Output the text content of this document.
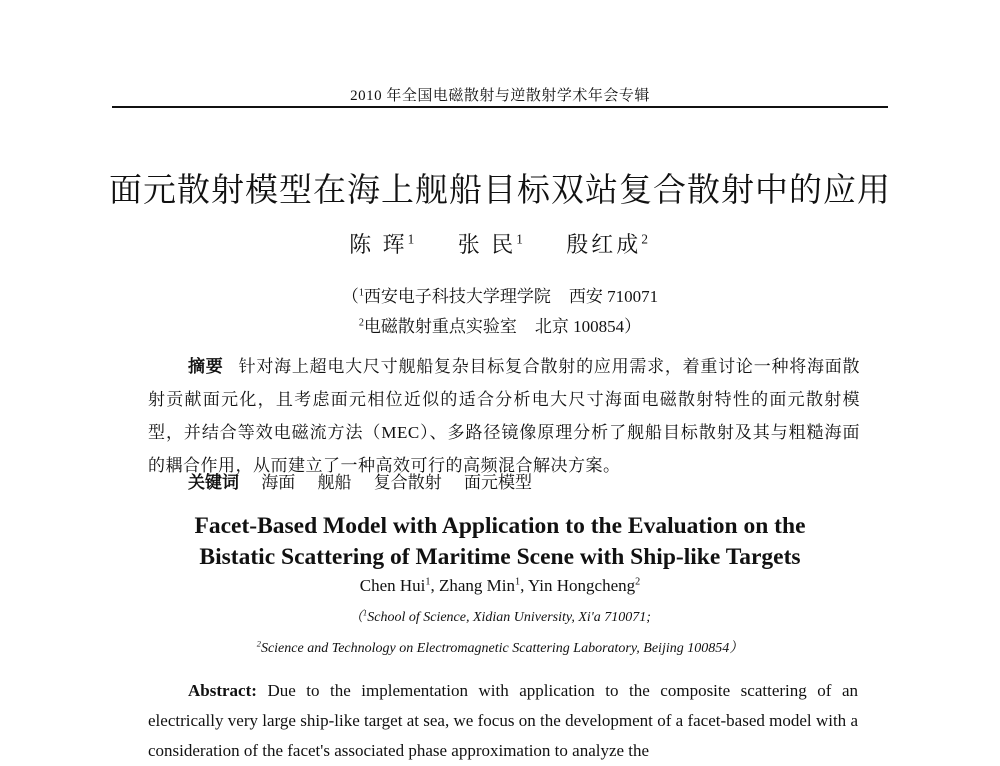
2010 年全国电磁散射与逆散射学术年会专辑
面元散射模型在海上舰船目标双站复合散射中的应用
陈 珲$^1$ 张 民$^1$ 殷红成$^2$
（$^1$西安电子科技大学理学院 西安 710071
$^2$电磁散射重点实验室 北京 100854）

摘要 针对海上超电大尺寸舰船复杂目标复合散射的应用需求，着重讨论一种将海面散射贡献面元化，且考虑面元相位近似的适合分析电大尺寸海面电磁散射特性的面元散射模型，并结合等效电磁流方法（MEC）、多路径镜像原理分析了舰船目标散射及其与粗糙海面的耦合作用，从而建立了一种高效可行的高频混合解决方案。

关键词 海面 舰船 复合散射 面元模型
Facet-Based Model with Application to the Evaluation on the
Bistatic Scattering of Maritime Scene with Ship-like Targets
Chen Hui$^1$, Zhang Min$^1$, Yin Hongcheng$^2$
（$^1$School of Science, Xidian University, Xi'a 710071;
$^2$Science and Technology on Electromagnetic Scattering Laboratory, Beijing 100854）

Abstract: Due to the implementation with application to the composite scattering of an electrically very large ship-like target at sea, we focus on the development of a facet-based model with a consideration of the facet's associated phase approximation to analyze the
